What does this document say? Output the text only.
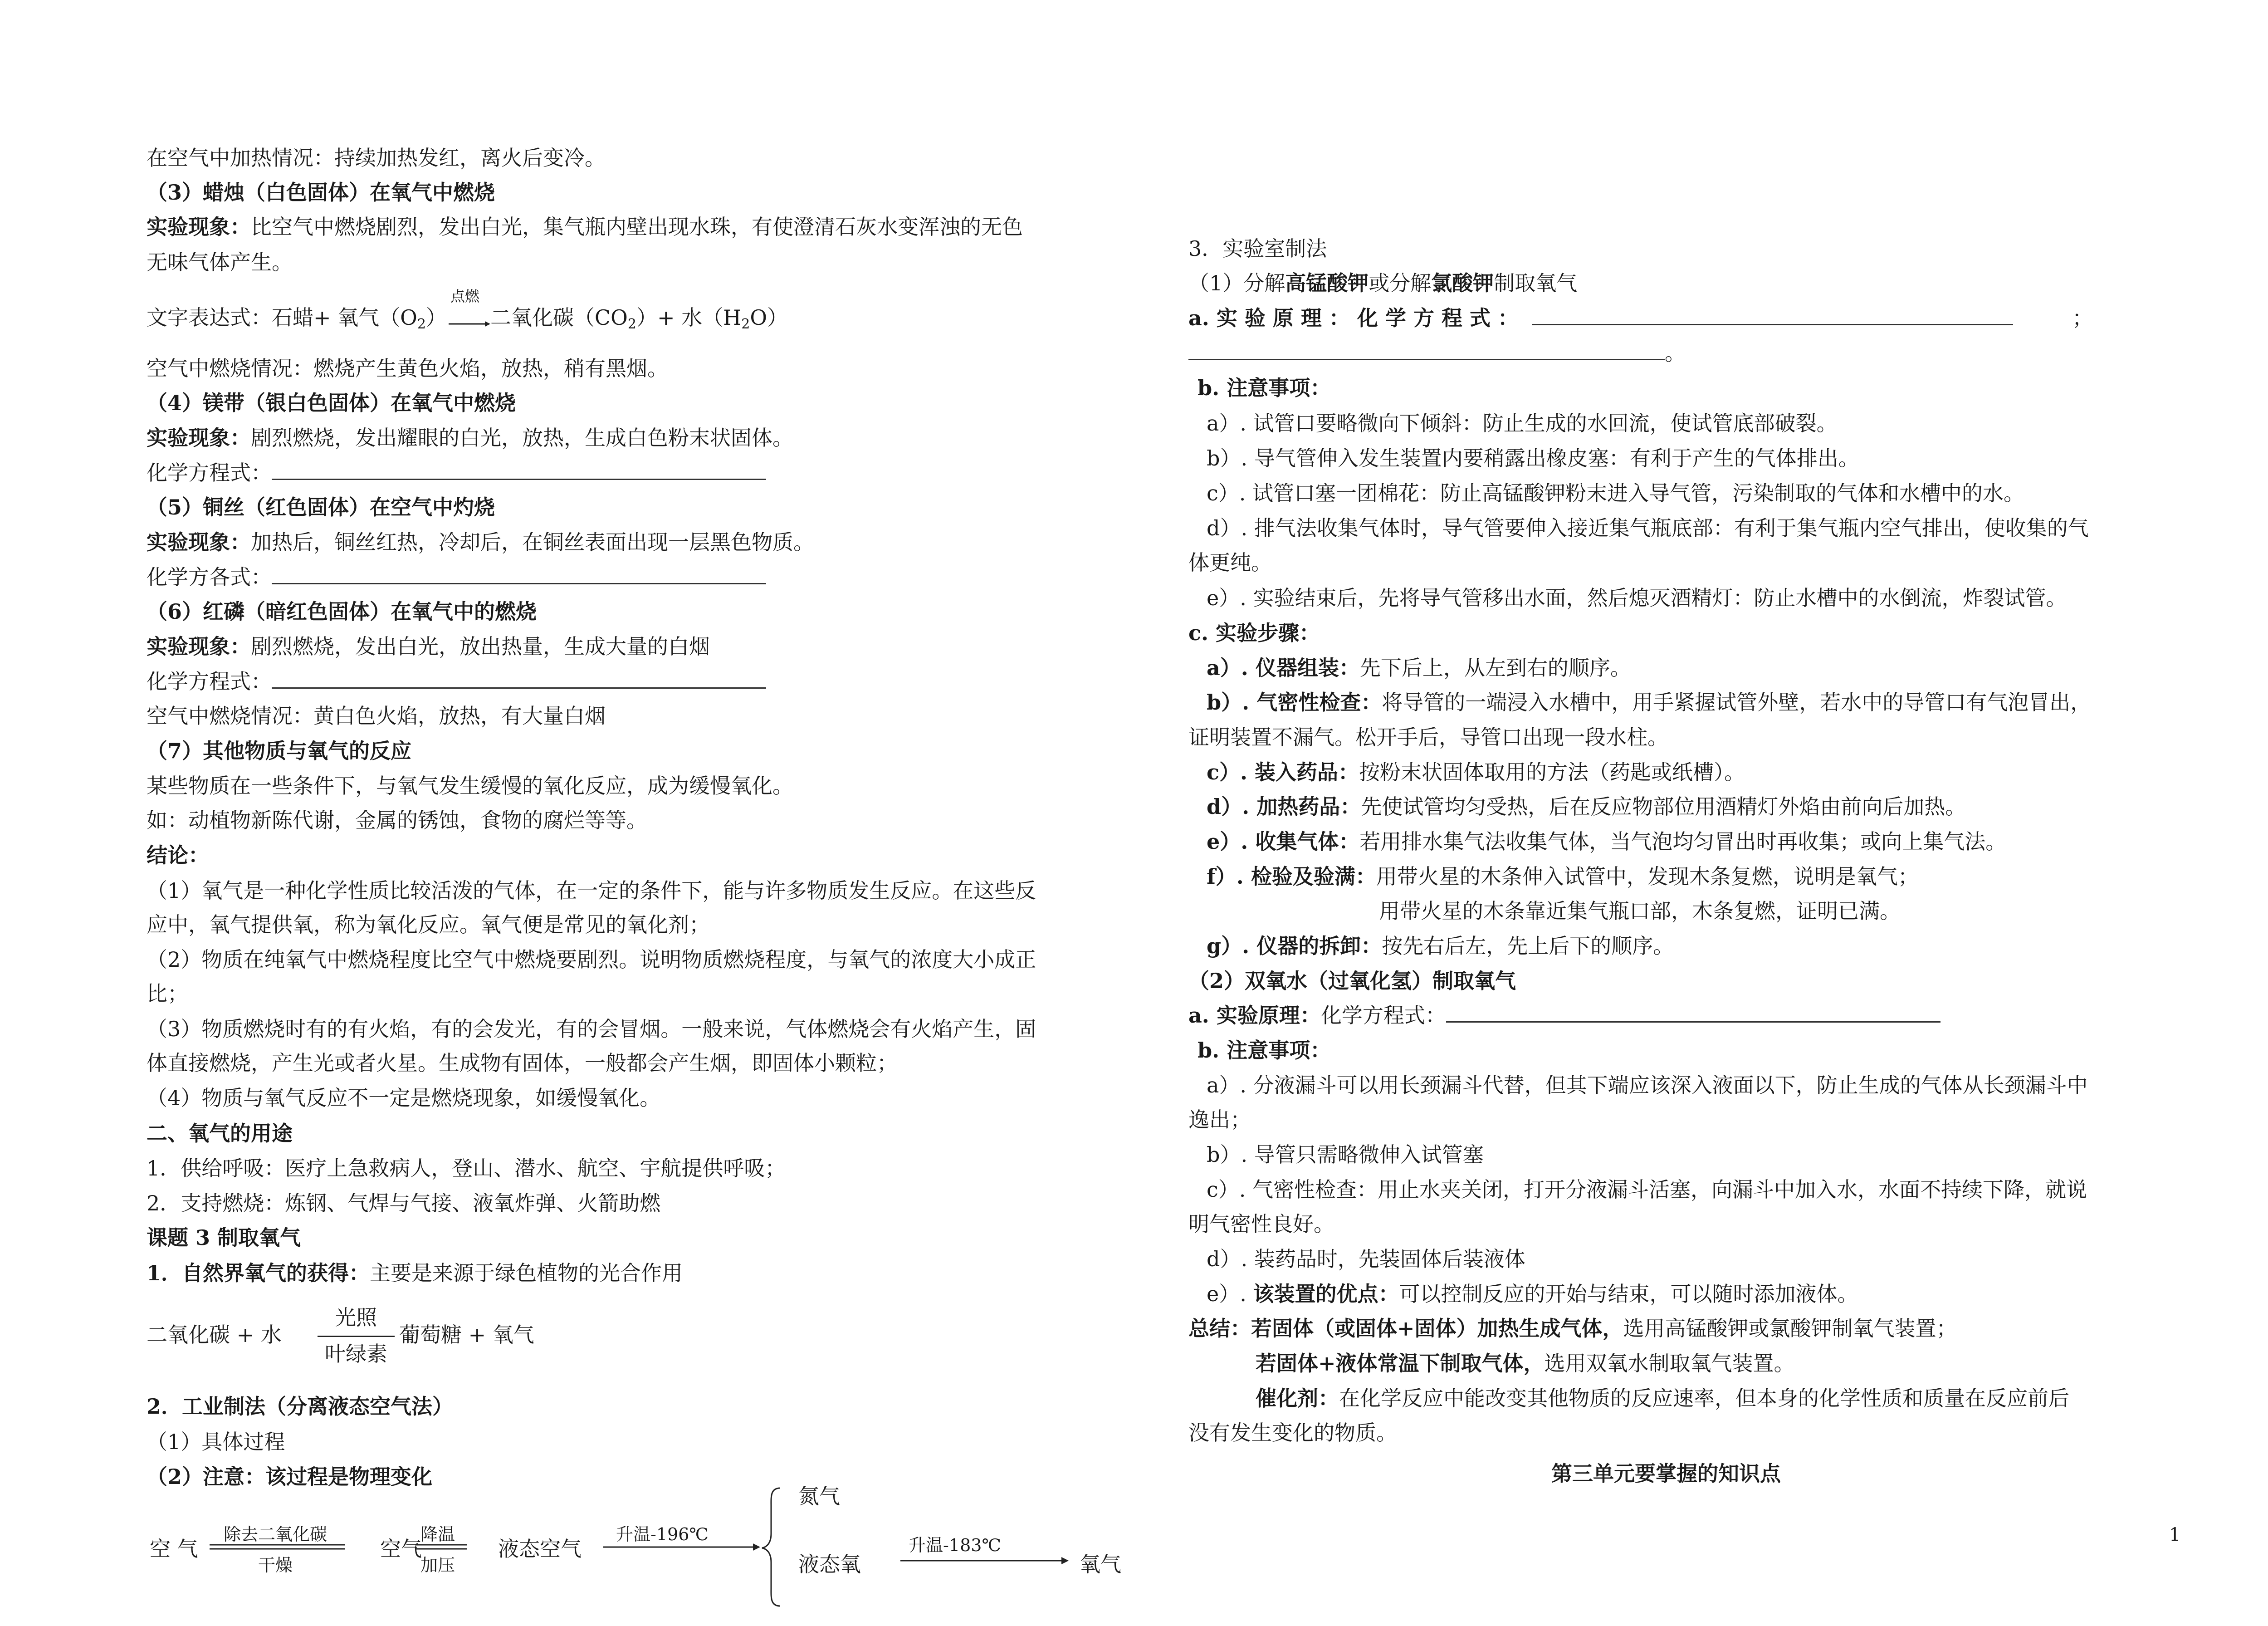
在空气中加热情况：持续加热发红，离火后变冷。
（3）蜡烛（白色固体）在氧气中燃烧
实验现象：比空气中燃烧剧烈，发出白光，集气瓶内壁出现水珠，有使澄清石灰水变浑浊的无色
无味气体产生。
文字表达式：石蜡+ 氧气$(O_2)$
点燃
二氧化碳$(CO_2)+$ 水$(H_2O)$
空气中燃烧情况：燃烧产生黄色火焰，放热，稍有黑烟。
（4）镁带（银白色固体）在氧气中燃烧
实验现象：剧烈燃烧，发出耀眼的白光，放热，生成白色粉末状固体。
化学方程式：
（5）铜丝（红色固体）在空气中灼烧
实验现象：加热后，铜丝红热，冷却后，在铜丝表面出现一层黑色物质。
化学方各式：
（6）红磷（暗红色固体）在氧气中的燃烧
实验现象：剧烈燃烧，发出白光，放出热量，生成大量的白烟
化学方程式：
空气中燃烧情况：黄白色火焰，放热，有大量白烟
（7）其他物质与氧气的反应
某些物质在一些条件下，与氧气发生缓慢的氧化反应，成为缓慢氧化。
如：动植物新陈代谢，金属的锈蚀，食物的腐烂等等。
结论：
（1）氧气是一种化学性质比较活泼的气体，在一定的条件下，能与许多物质发生反应。在这些反
应中，氧气提供氧，称为氧化反应。氧气便是常见的氧化剂；
（2）物质在纯氧气中燃烧程度比空气中燃烧要剧烈。说明物质燃烧程度，与氧气的浓度大小成正
比；
（3）物质燃烧时有的有火焰，有的会发光，有的会冒烟。一般来说，气体燃烧会有火焰产生，固
体直接燃烧，产生光或者火星。生成物有固体，一般都会产生烟，即固体小颗粒；
（4）物质与氧气反应不一定是燃烧现象，如缓慢氧化。
二、氧气的用途
1．供给呼吸：医疗上急救病人，登山、潜水、航空、宇航提供呼吸；
2．支持燃烧：炼钢、气焊与气接、液氧炸弹、火箭助燃
课题 3 制取氧气
1．自然界氧气的获得：主要是来源于绿色植物的光合作用
二氧化碳 + 水
光照
叶绿素
葡萄糖 + 氧气
2．工业制法（分离液态空气法）
（1）具体过程
（2）注意：该过程是物理变化
空 气
除去二氧化碳
干燥
空气
降温
加压
液态空气
升温-196℃
氮气
液态氧
升温-183℃
氧气
3．实验室制法
（1）分解高锰酸钾或分解氯酸钾制取氧气
a. 实 验 原 理 ： 化 学 方 程 式 ：	；
。
b. 注意事项：
a）. 试管口要略微向下倾斜：防止生成的水回流，使试管底部破裂。
b）. 导气管伸入发生装置内要稍露出橡皮塞：有利于产生的气体排出。
c）. 试管口塞一团棉花：防止高锰酸钾粉末进入导气管，污染制取的气体和水槽中的水。
d）. 排气法收集气体时，导气管要伸入接近集气瓶底部：有利于集气瓶内空气排出，使收集的气
体更纯。
e）. 实验结束后，先将导气管移出水面，然后熄灭酒精灯：防止水槽中的水倒流，炸裂试管。
c. 实验步骤：
a）. 仪器组装：先下后上，从左到右的顺序。
b）. 气密性检查：将导管的一端浸入水槽中，用手紧握试管外壁，若水中的导管口有气泡冒出，
证明装置不漏气。松开手后，导管口出现一段水柱。
c）. 装入药品：按粉末状固体取用的方法（药匙或纸槽）。
d）. 加热药品：先使试管均匀受热，后在反应物部位用酒精灯外焰由前向后加热。
e）. 收集气体：若用排水集气法收集气体，当气泡均匀冒出时再收集；或向上集气法。
f）. 检验及验满：用带火星的木条伸入试管中，发现木条复燃，说明是氧气；
用带火星的木条靠近集气瓶口部，木条复燃，证明已满。
g）. 仪器的拆卸：按先右后左，先上后下的顺序。
（2）双氧水（过氧化氢）制取氧气
a. 实验原理：化学方程式：
b. 注意事项：
a）. 分液漏斗可以用长颈漏斗代替，但其下端应该深入液面以下，防止生成的气体从长颈漏斗中
逸出；
b）. 导管只需略微伸入试管塞
c）. 气密性检查：用止水夹关闭，打开分液漏斗活塞，向漏斗中加入水，水面不持续下降，就说
明气密性良好。
d）. 装药品时，先装固体后装液体
e）. 该装置的优点：可以控制反应的开始与结束，可以随时添加液体。
总结：若固体（或固体+固体）加热生成气体，选用高锰酸钾或氯酸钾制氧气装置；
若固体+液体常温下制取气体，选用双氧水制取氧气装置。
催化剂：在化学反应中能改变其他物质的反应速率，但本身的化学性质和质量在反应前后
没有发生变化的物质。
第三单元要掌握的知识点
1
